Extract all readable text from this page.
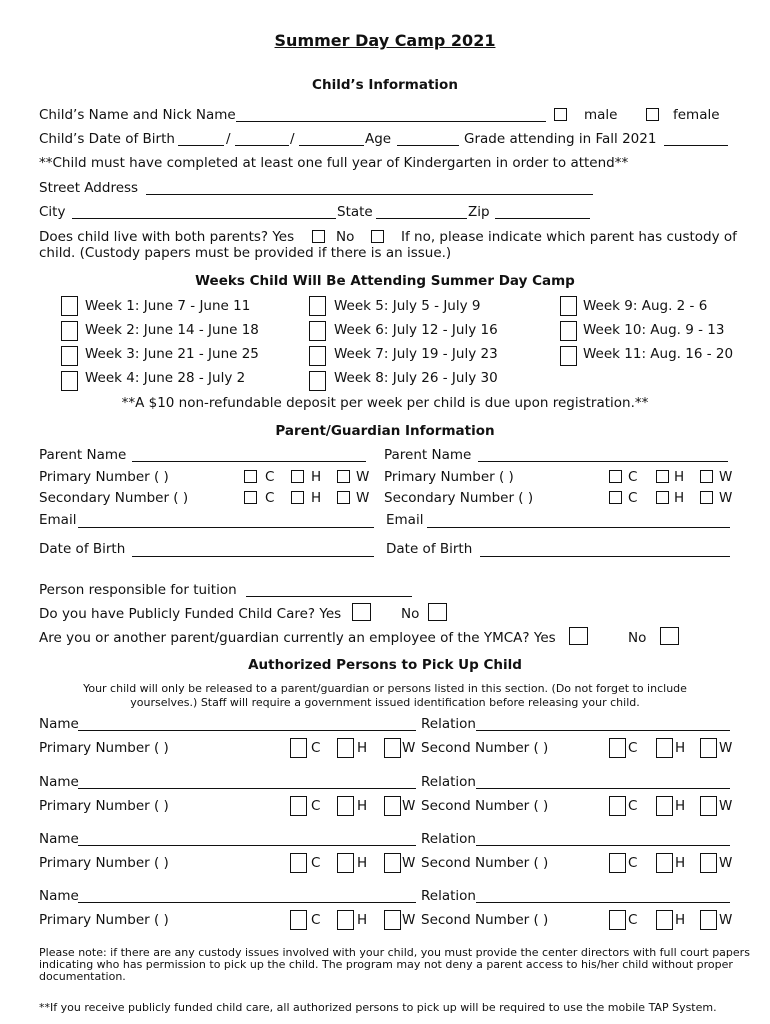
Summer Day Camp 2021
Child’s Information
Child’s Name and Nick Name	male	female
Child’s Date of Birth	/	/	Age	Grade attending in Fall 2021
**Child must have completed at least one full year of Kindergarten in order to attend**
Street Address
City	State	Zip
Does child live with both parents? Yes	No	If no, please indicate which parent has custody of
child. (Custody papers must be provided if there is an issue.)
Weeks Child Will Be Attending Summer Day Camp
Week 1: June 7 - June 11
Week 2: June 14 - June 18
Week 3: June 21 - June 25
Week 4: June 28 - July 2
Week 5: July 5 - July 9
Week 6: July 12 - July 16
Week 7: July 19 - July 23
Week 8: July 26 - July 30
Week 9: Aug. 2 - 6
Week 10: Aug. 9 - 13
Week 11: Aug. 16 - 20
**A $10 non-refundable deposit per week per child is due upon registration.**
Parent/Guardian Information
Parent Name	Parent Name
Primary Number ( )	C	H	W Primary Number ( )	C	H	W
Secondary Number ( )	C	H	W Secondary Number ( )	C	H	W
Email	Email
Date of Birth	Date of Birth
Person responsible for tuition
Do you have Publicly Funded Child Care? Yes	No
Are you or another parent/guardian currently an employee of the YMCA? Yes	No
Authorized Persons to Pick Up Child
Your child will only be released to a parent/guardian or persons listed in this section. (Do not forget to include
yourselves.) Staff will require a government issued identification before releasing your child.
Name	Relation
Primary Number ( )	C	H	W Second Number ( )	C	H	W
Name	Relation
Primary Number ( )	C	H	W Second Number ( )	C	H	W
Name	Relation
Primary Number ( )	C	H	W Second Number ( )	C	H	W
Name	Relation
Primary Number ( )	C	H	W Second Number ( )	C	H	W
Please note: if there are any custody issues involved with your child, you must provide the center directors with full court papers
indicating who has permission to pick up the child. The program may not deny a parent access to his/her child without proper
documentation.
**If you receive publicly funded child care, all authorized persons to pick up will be required to use the mobile TAP System.
